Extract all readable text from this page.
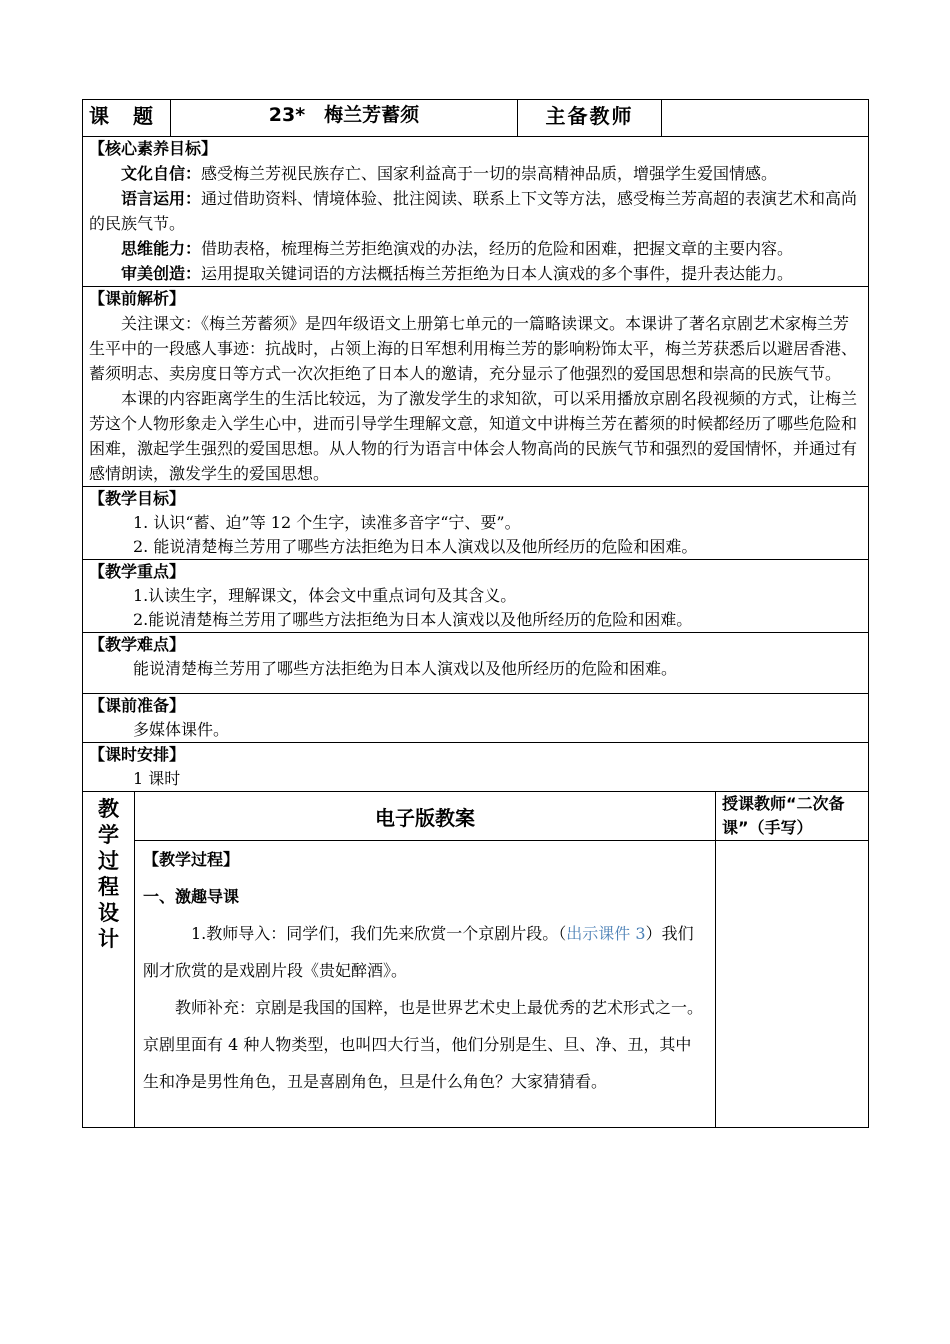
课　题		23*　梅兰芳蓄须	主备教师		

【核心素养目标】

文化自信：感受梅兰芳视民族存亡、国家利益高于一切的崇高精神品质，增强学生爱国情感。

语言运用：通过借助资料、情境体验、批注阅读、联系上下文等方法，感受梅兰芳高超的表演艺术和高尚的民族气节。

思维能力：借助表格，梳理梅兰芳拒绝演戏的办法，经历的危险和困难，把握文章的主要内容。

审美创造：运用提取关键词语的方法概括梅兰芳拒绝为日本人演戏的多个事件，提升表达能力。					

【课前解析】

关注课文：《梅兰芳蓄须》是四年级语文上册第七单元的一篇略读课文。本课讲了著名京剧艺术家梅兰芳生平中的一段感人事迹：抗战时，占领上海的日军想利用梅兰芳的影响粉饰太平，梅兰芳获悉后以避居香港、蓄须明志、卖房度日等方式一次次拒绝了日本人的邀请，充分显示了他强烈的爱国思想和崇高的民族气节。

本课的内容距离学生的生活比较远，为了激发学生的求知欲，可以采用播放京剧名段视频的方式，让梅兰芳这个人物形象走入学生心中，进而引导学生理解文意，知道文中讲梅兰芳在蓄须的时候都经历了哪些危险和困难，激起学生强烈的爱国思想。从人物的行为语言中体会人物高尚的民族气节和强烈的爱国情怀，并通过有感情朗读，激发学生的爱国思想。					

【教学目标】

1. 认识“蓄、迫”等 12 个生字，读准多音字“宁、要”。

2. 能说清楚梅兰芳用了哪些方法拒绝为日本人演戏以及他所经历的危险和困难。					

【教学重点】

1.认读生字，理解课文，体会文中重点词句及其含义。

2.能说清楚梅兰芳用了哪些方法拒绝为日本人演戏以及他所经历的危险和困难。					

【教学难点】

能说清楚梅兰芳用了哪些方法拒绝为日本人演戏以及他所经历的危险和困难。					

【课前准备】

多媒体课件。					

【课时安排】

1 课时					

教学过程设计	电子版教案				授课教师“二次备课”（手写）

	【教学过程】

一、激趣导课

1.教师导入：同学们，我们先来欣赏一个京剧片段。（出示课件 3）我们刚才欣赏的是戏剧片段《贵妃醉酒》。

教师补充：京剧是我国的国粹，也是世界艺术史上最优秀的艺术形式之一。京剧里面有 4 种人物类型，也叫四大行当，他们分别是生、旦、净、丑，其中生和净是男性角色，丑是喜剧角色，旦是什么角色？大家猜猜看。				
